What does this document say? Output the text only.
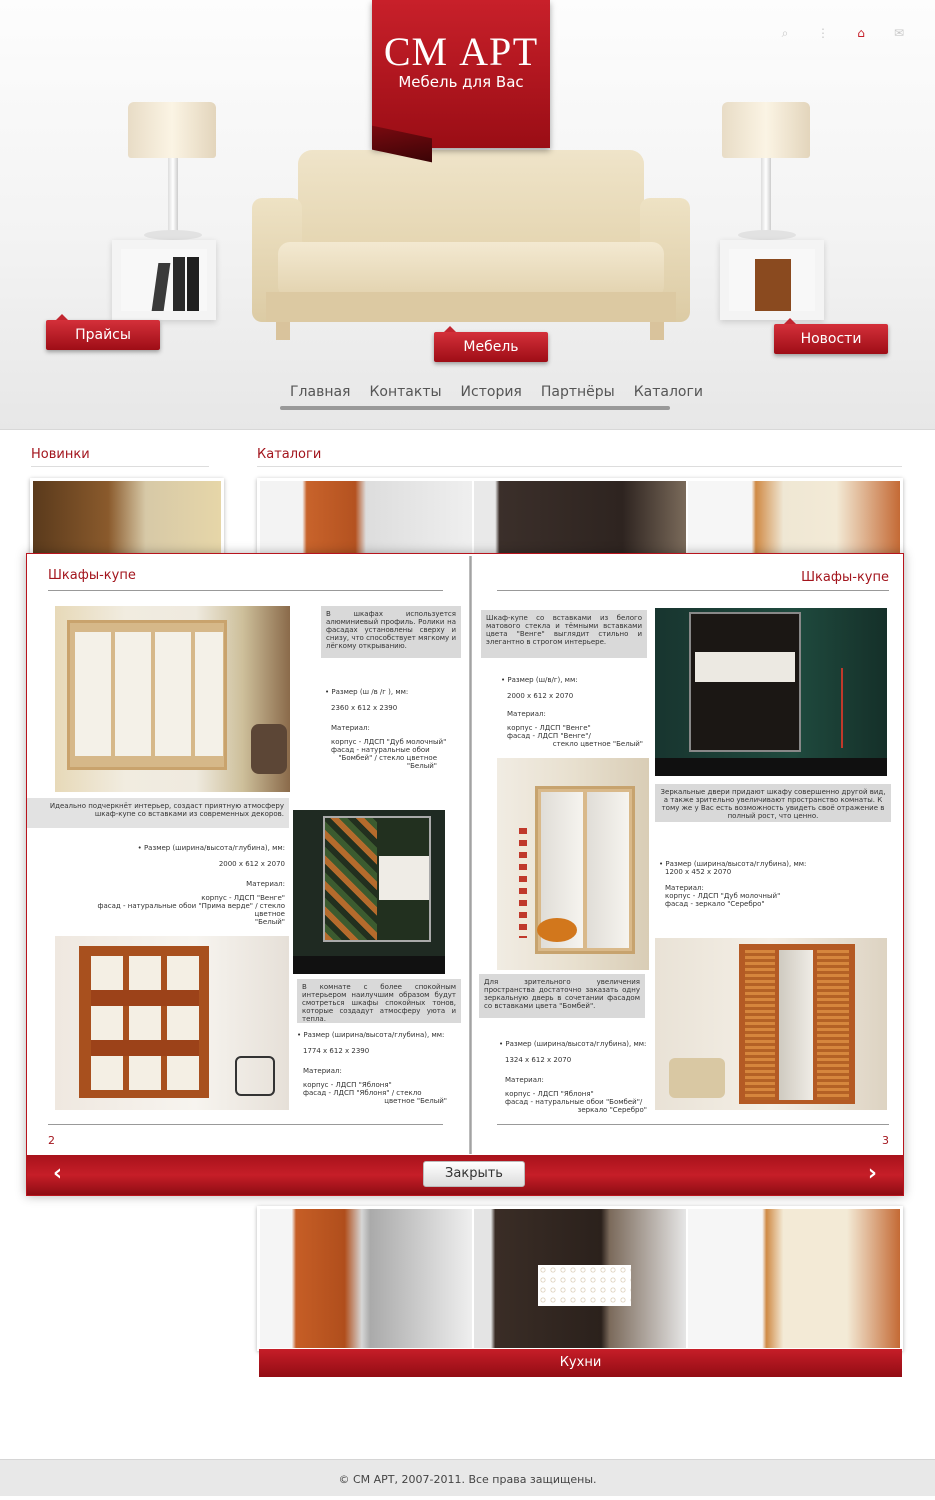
СМ АРТ
Мебель для Вас
⌕	⋮	⌂	✉
Прайсы
Мебель	Новости
Главная Контакты История Партнёры Каталоги
Новинки	Каталоги
Шкафы-купе
В шкафах используется алюминиевый профиль. Ролики на фасадах установлены сверху и снизу, что способствует мягкому и лёгкому открыванию.
• Размер (ш /в /г ), мм:
2360 х 612 х 2390
Материал:
корпус - ЛДСП "Дуб молочный"
фасад - натуральные обои
"Бомбей" / стекло цветное
"Белый"
Идеально подчеркнёт интерьер, создаст приятную атмосферу шкаф-купе со вставками из современных декоров.
• Размер (ширина/высота/глубина), мм:
2000 х 612 х 2070
Материал:
корпус - ЛДСП "Венге"
фасад - натуральные обои "Прима верде" / стекло цветное
"Белый"
В комнате с более спокойным интерьером наилучшим образом будут смотреться шкафы спокойных тонов, которые создадут атмосферу уюта и тепла.
• Размер (ширина/высота/глубина), мм:
1774 х 612 х 2390
Материал:
корпус - ЛДСП "Яблоня"
фасад - ЛДСП "Яблоня" / стекло
цветное "Белый"
2
Шкафы-купе
Шкаф-купе со вставками из белого матового стекла и тёмными вставками цвета "Венге" выглядит стильно и элегантно в строгом интерьере.
• Размер (ш/в/г), мм:
2000 х 612 х 2070
Материал:
корпус - ЛДСП "Венге"
фасад - ЛДСП "Венге"/
стекло цветное "Белый"
Зеркальные двери придают шкафу совершенно другой вид, а также зрительно увеличивают пространство комнаты. К тому же у Вас есть возможность увидеть своё отражение в полный рост, что ценно.
• Размер (ширина/высота/глубина), мм:
1200 х 452 х 2070
Материал:
корпус - ЛДСП "Дуб молочный"
фасад - зеркало "Серебро"
Для зрительного увеличения пространства достаточно заказать одну зеркальную дверь в сочетании фасадом со вставками цвета "Бомбей".
• Размер (ширина/высота/глубина), мм:
1324 х 612 х 2070
Материал:
корпус - ЛДСП "Яблоня"
фасад - натуральные обои "Бомбей"/
зеркало "Серебро"
3
‹	Закрыть	›
Кухни
© СМ АРТ, 2007-2011. Все права защищены.
